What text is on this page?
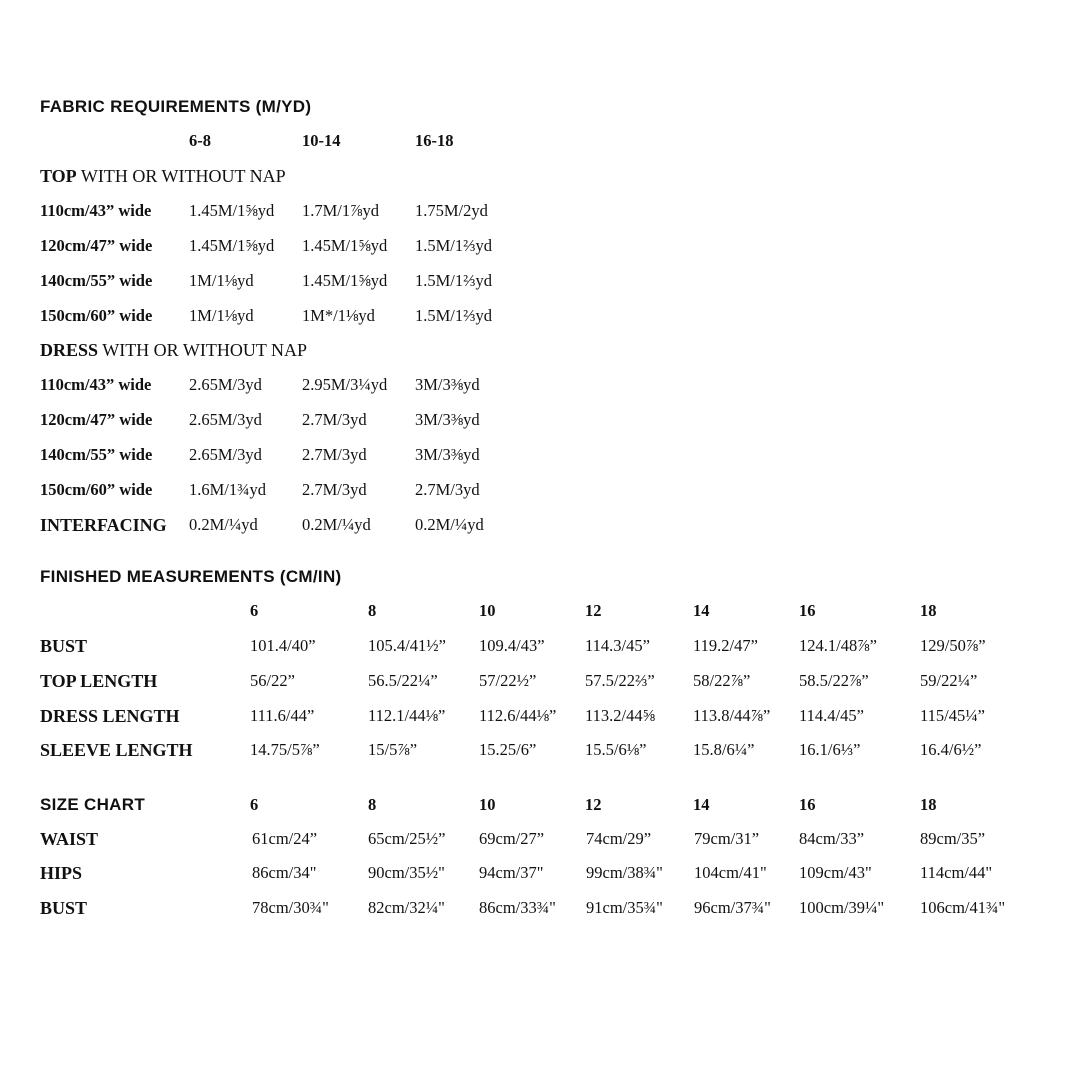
FABRIC REQUIREMENTS (M/YD)
6-8	10-14	16-18
TOP WITH OR WITHOUT NAP
110cm/43” wide 1.45M/1⅝yd 1.7M/1⅞yd 1.75M/2yd
120cm/47” wide 1.45M/1⅝yd 1.45M/1⅝yd 1.5M/1⅔yd
140cm/55” wide 1M/1⅛yd	1.45M/1⅝yd 1.5M/1⅔yd
150cm/60” wide 1M/1⅛yd	1M*/1⅛yd 1.5M/1⅔yd
DRESS WITH OR WITHOUT NAP
110cm/43” wide 2.65M/3yd 2.95M/3¼yd 3M/3⅜yd
120cm/47” wide 2.65M/3yd 2.7M/3yd	3M/3⅜yd
140cm/55” wide 2.65M/3yd 2.7M/3yd	3M/3⅜yd
150cm/60” wide 1.6M/1¾yd 2.7M/3yd	2.7M/3yd
INTERFACING 0.2M/¼yd	0.2M/¼yd	0.2M/¼yd
FINISHED MEASUREMENTS (CM/IN)
6	8	10	12	14	16	18
BUST	101.4/40”	105.4/41½” 109.4/43” 114.3/45”	119.2/47” 124.1/48⅞”	129/50⅞”
TOP LENGTH	56/22”	56.5/22¼”	57/22½”	57.5/22⅔” 58/22⅞”	58.5/22⅞”	59/22¼”
DRESS LENGTH	111.6/44”	112.1/44⅛” 112.6/44⅛” 113.2/44⅝ 113.8/44⅞” 114.4/45”	115/45¼”
SLEEVE LENGTH	14.75/5⅞”	15/5⅞”	15.25/6”	15.5/6⅛”	15.8/6¼”	16.1/6⅓”	16.4/6½”
SIZE CHART	6	8	10	12	14	16	18
WAIST	61cm/24”	65cm/25½” 69cm/27”	74cm/29”	79cm/31” 84cm/33”	89cm/35”
HIPS	86cm/34"	90cm/35½" 94cm/37"	99cm/38¾" 104cm/41" 109cm/43"	114cm/44"
BUST	78cm/30¾" 82cm/32¼" 86cm/33¾" 91cm/35¾" 96cm/37¾" 100cm/39¼" 106cm/41¾"
